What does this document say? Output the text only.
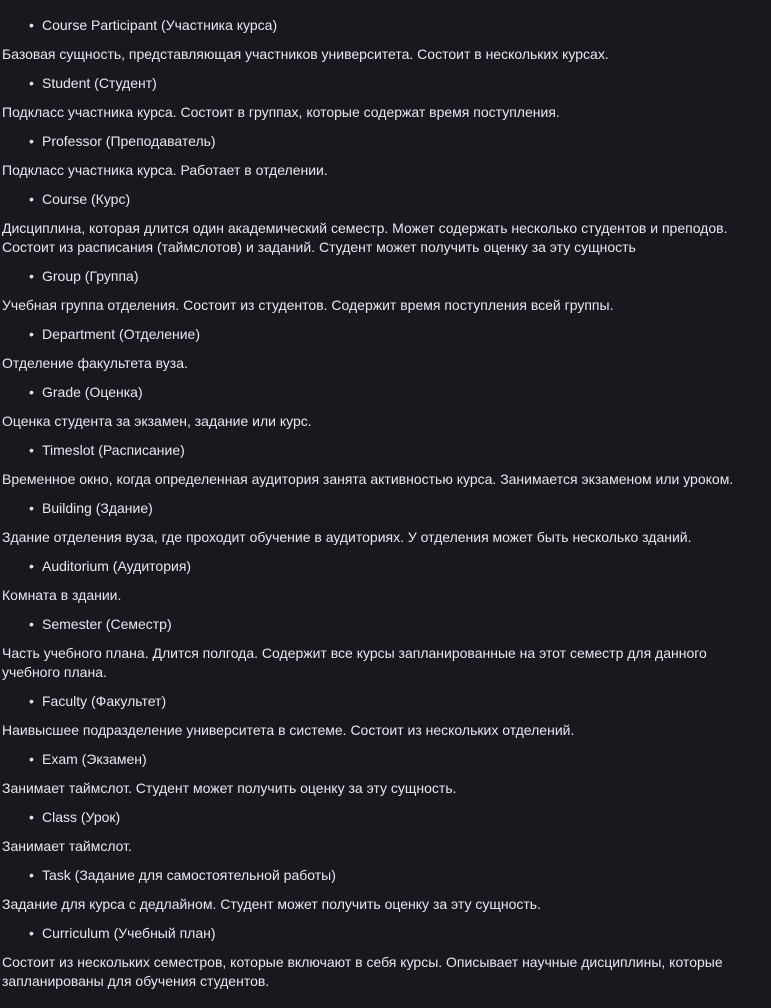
• Course Participant (Участника курса)

Базовая сущность, представляющая участников университета. Состоит в нескольких курсах.

• Student (Студент)

Подкласс участника курса. Состоит в группах, которые содержат время поступления.

• Professor (Преподаватель)

Подкласс участника курса. Работает в отделении.

• Course (Курс)

Дисциплина, которая длится один академический семестр. Может содержать несколько студентов и преподов. Состоит из расписания (таймслотов) и заданий. Студент может получить оценку за эту сущность

• Group (Группа)

Учебная группа отделения. Состоит из студентов. Содержит время поступления всей группы.

• Department (Отделение)

Отделение факультета вуза.

• Grade (Оценка)

Оценка студента за экзамен, задание или курс.

• Timeslot (Расписание)

Временное окно, когда определенная аудитория занята активностью курса. Занимается экзаменом или уроком.

• Building (Здание)

Здание отделения вуза, где проходит обучение в аудиториях. У отделения может быть несколько зданий.

• Auditorium (Аудитория)

Комната в здании.

• Semester (Семестр)

Часть учебного плана. Длится полгода. Содержит все курсы запланированные на этот семестр для данного учебного плана.

• Faculty (Факультет)

Наивысшее подразделение университета в системе. Состоит из нескольких отделений.

• Exam (Экзамен)

Занимает таймслот. Студент может получить оценку за эту сущность.

• Class (Урок)

Занимает таймслот.

• Task (Задание для самостоятельной работы)

Задание для курса с дедлайном. Студент может получить оценку за эту сущность.

• Curriculum (Учебный план)

Состоит из нескольких семестров, которые включают в себя курсы. Описывает научные дисциплины, которые запланированы для обучения студентов.
